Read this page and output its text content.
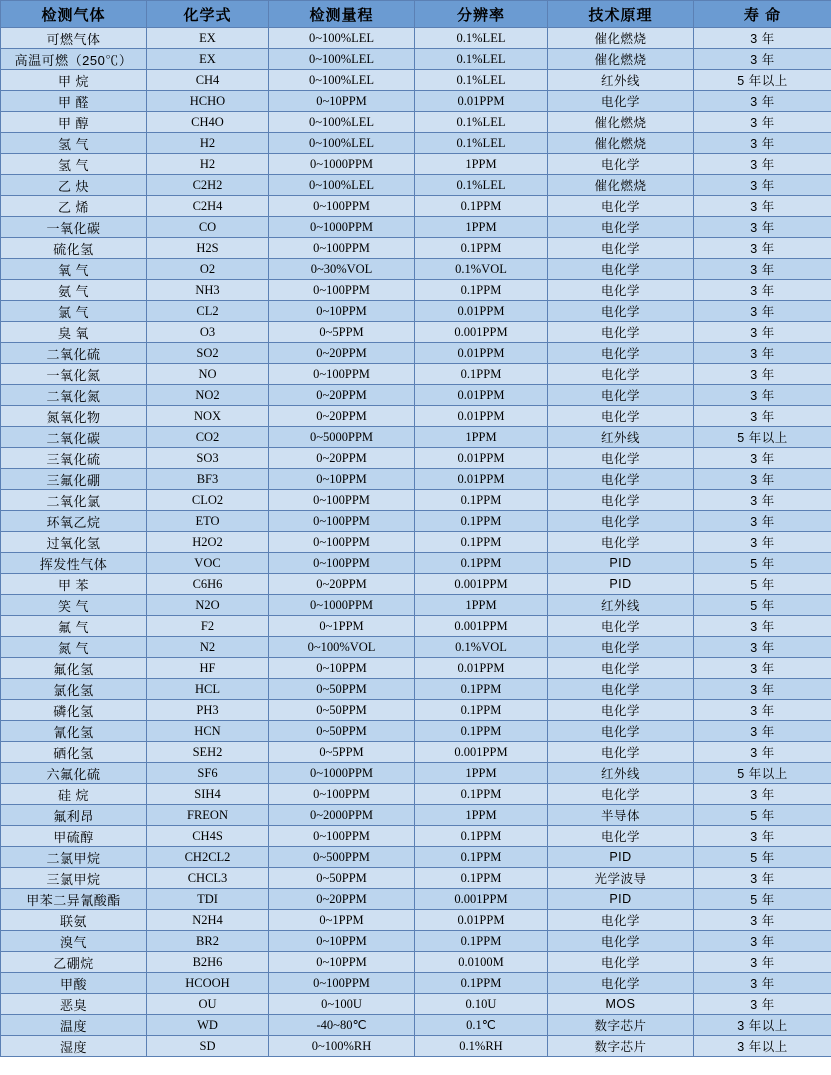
检测气体	化学式	检测量程	分辨率	技术原理	寿 命
可燃气体	EX	0~100%LEL	0.1%LEL	催化燃烧	3 年
高温可燃（250℃）	EX	0~100%LEL	0.1%LEL	催化燃烧	3 年
甲 烷	CH4	0~100%LEL	0.1%LEL	红外线	5 年以上
甲 醛	HCHO	0~10PPM	0.01PPM	电化学	3 年
甲 醇	CH4O	0~100%LEL	0.1%LEL	催化燃烧	3 年
氢 气	H2	0~100%LEL	0.1%LEL	催化燃烧	3 年
氢 气	H2	0~1000PPM	1PPM	电化学	3 年
乙 炔	C2H2	0~100%LEL	0.1%LEL	催化燃烧	3 年
乙 烯	C2H4	0~100PPM	0.1PPM	电化学	3 年
一氧化碳	CO	0~1000PPM	1PPM	电化学	3 年
硫化氢	H2S	0~100PPM	0.1PPM	电化学	3 年
氧 气	O2	0~30%VOL	0.1%VOL	电化学	3 年
氨 气	NH3	0~100PPM	0.1PPM	电化学	3 年
氯 气	CL2	0~10PPM	0.01PPM	电化学	3 年
臭 氧	O3	0~5PPM	0.001PPM	电化学	3 年
二氧化硫	SO2	0~20PPM	0.01PPM	电化学	3 年
一氧化氮	NO	0~100PPM	0.1PPM	电化学	3 年
二氧化氮	NO2	0~20PPM	0.01PPM	电化学	3 年
氮氧化物	NOX	0~20PPM	0.01PPM	电化学	3 年
二氧化碳	CO2	0~5000PPM	1PPM	红外线	5 年以上
三氧化硫	SO3	0~20PPM	0.01PPM	电化学	3 年
三氟化硼	BF3	0~10PPM	0.01PPM	电化学	3 年
二氧化氯	CLO2	0~100PPM	0.1PPM	电化学	3 年
环氧乙烷	ETO	0~100PPM	0.1PPM	电化学	3 年
过氧化氢	H2O2	0~100PPM	0.1PPM	电化学	3 年
挥发性气体	VOC	0~100PPM	0.1PPM	PID	5 年
甲 苯	C6H6	0~20PPM	0.001PPM	PID	5 年
笑 气	N2O	0~1000PPM	1PPM	红外线	5 年
氟 气	F2	0~1PPM	0.001PPM	电化学	3 年
氮 气	N2	0~100%VOL	0.1%VOL	电化学	3 年
氟化氢	HF	0~10PPM	0.01PPM	电化学	3 年
氯化氢	HCL	0~50PPM	0.1PPM	电化学	3 年
磷化氢	PH3	0~50PPM	0.1PPM	电化学	3 年
氰化氢	HCN	0~50PPM	0.1PPM	电化学	3 年
硒化氢	SEH2	0~5PPM	0.001PPM	电化学	3 年
六氟化硫	SF6	0~1000PPM	1PPM	红外线	5 年以上
硅 烷	SIH4	0~100PPM	0.1PPM	电化学	3 年
氟利昂	FREON	0~2000PPM	1PPM	半导体	5 年
甲硫醇	CH4S	0~100PPM	0.1PPM	电化学	3 年
二氯甲烷	CH2CL2	0~500PPM	0.1PPM	PID	5 年
三氯甲烷	CHCL3	0~50PPM	0.1PPM	光学波导	3 年
甲苯二异氰酸酯	TDI	0~20PPM	0.001PPM	PID	5 年
联氨	N2H4	0~1PPM	0.01PPM	电化学	3 年
溴气	BR2	0~10PPM	0.1PPM	电化学	3 年
乙硼烷	B2H6	0~10PPM	0.0100M	电化学	3 年
甲酸	HCOOH	0~100PPM	0.1PPM	电化学	3 年
恶臭	OU	0~100U	0.10U	MOS	3 年
温度	WD	-40~80℃	0.1℃	数字芯片	3 年以上
湿度	SD	0~100%RH	0.1%RH	数字芯片	3 年以上
